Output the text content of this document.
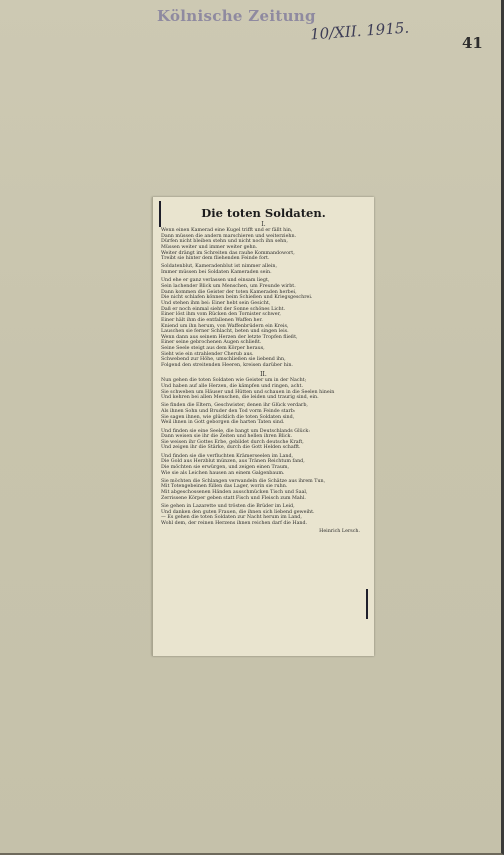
Kölnische Zeitung
10/XII. 1915.	41
Die toten Soldaten.
I.
Wenn einen Kamerad eine Kugel trifft und er fällt hin,
Dann müssen die andern marschieren und weiterziehn.
Dürfen nicht bleiben stehn und nicht noch ihn sehn,
Müssen weiter und immer weiter gehn.
Weiter drängt im Schreiten das rauhe Kommandowort,
Treibt sie hinter dem fliehenden Feinde fort.
Soldatenblut, Kameradenblut ist nimmer allein,
Immer müssen bei Soldaten Kameraden sein.
Und ehe er ganz verlassen und einsam liegt,
Sein lachender Blick um Menschen, um Freunde wirbt.
Dann kommen die Geister der toten Kameraden herbei,
Die nicht schlafen können beim Schießen und Kriegsgeschrei.
Und stehen ihm bei: Einer hebt sein Gesicht,
Daß er noch einmal sieht der Sonne schönes Licht.
Einer löst ihm vom Rücken den Tornister schwer,
Einer hält ihm die entfallenen Waffen her.
Kniend um ihn herum, von Waffenbrüdern ein Kreis,
Lauschen sie ferner Schlacht, beten und singen leis.
Wenn dann aus seinem Herzen der letzte Tropfen fließt,
Einer seine gebrochenen Augen schließt.
Seine Seele steigt aus dem Körper heraus,
Sieht wie ein strahlender Cherub aus.
Schwebend zur Höhe, umschließen sie liebend ihn,
Folgend den streitenden Heeren, kreisen darüber hin.
II.
Nun gehen die toten Soldaten wie Geister um in der Nacht;
Und haben auf alle Herzen, die kämpfen und ringen, acht.
Sie schweben um Häuser und Hütten und schauen in die Seelen hinein
Und kehren bei allen Menschen, die leiden und traurig sind, ein.
Sie finden die Eltern, Geschwister, denen ihr Glück verdarb,
Als ihnen Sohn und Bruder den Tod vorm Feinde starb:
Sie sagen ihnen, wie glücklich die toten Soldaten sind,
Weil ihnen in Gott geborgen die harten Taten sind.
Und finden sie eine Seele, die bangt um Deutschlands Glück:
Dann weisen sie ihr die Zeiten und hellen ihren Blick.
Sie weisen ihr Gottes Erbe, gebildet durch deutsche Kraft,
Und zeigen ihr die Stärke, durch die Gott Helden schafft.
Und finden sie die verfluchten Krämerseelen im Land,
Die Gold aus Herzblut münzen, aus Tränen Reichtum fand,
Die möchten sie erwürgen, und zeigen einen Traum,
Wie sie als Leichen hausen an einem Galgenbaum.
Sie möchten die Schlangen verwandeln die Schätze aus ihrem Tun,
Mit Totengebeinen füllen das Lager, worin sie ruhn.
Mit abgeschossenen Händen ausschmücken Tisch und Saal,
Zerrissene Körper geben statt Fisch und Fleisch zum Mahl.
Sie gehen in Lazarette und trösten die Brüder im Leid,
Und danken den guten Frauen, die ihnen sich liebend geweiht.
— Es gehen die toten Soldaten zur Nacht herum im Land,
Wohl dem, der reinen Herzens ihnen reichen darf die Hand.
Heinrich Lersch.
